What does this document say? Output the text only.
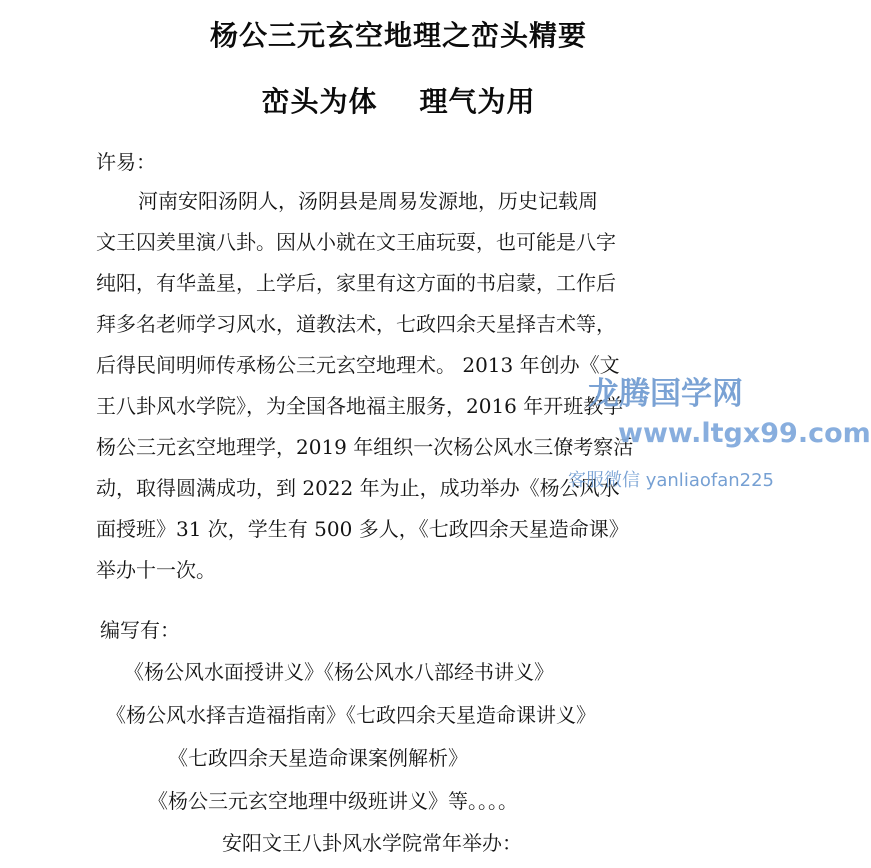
杨公三元玄空地理之峦头精要
峦头为体 理气为用
许易：
河南安阳汤阴人，汤阴县是周易发源地，历史记载周
文王囚羑里演八卦。因从小就在文王庙玩耍，也可能是八字
纯阳，有华盖星，上学后，家里有这方面的书启蒙，工作后
拜多名老师学习风水，道教法术，七政四余天星择吉术等，
后得民间明师传承杨公三元玄空地理术。 2013 年创办《文
王八卦风水学院》，为全国各地福主服务，2016 年开班教学
杨公三元玄空地理学，2019 年组织一次杨公风水三僚考察活
动，取得圆满成功，到 2022 年为止，成功举办《杨公风水
面授班》31 次，学生有 500 多人，《七政四余天星造命课》
举办十一次。
编写有：
《杨公风水面授讲义》《杨公风水八部经书讲义》
《杨公风水择吉造福指南》《七政四余天星造命课讲义》
《七政四余天星造命课案例解析》
《杨公三元玄空地理中级班讲义》等。。。。
安阳文王八卦风水学院常年举办：
龙腾国学网
www.ltgx99.com
客服微信 yanliaofan225
